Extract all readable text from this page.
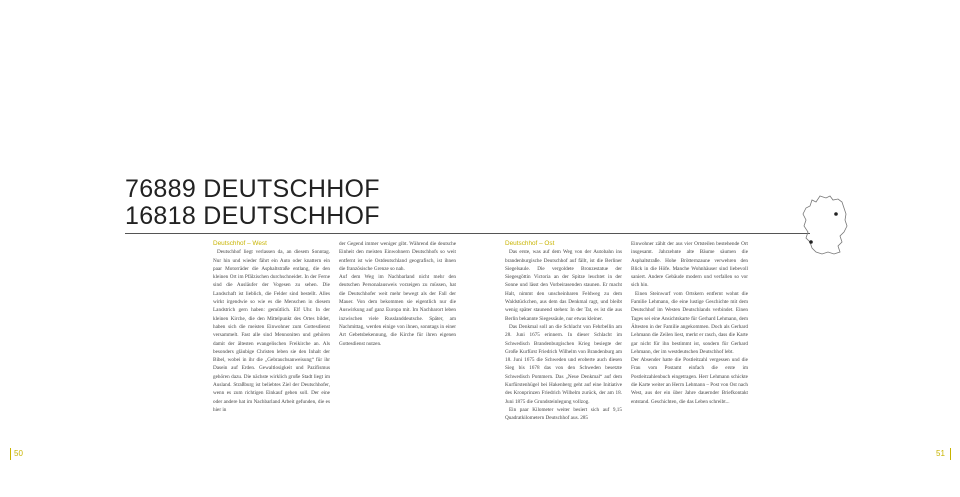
76889 DEUTSCHHOF
16818 DEUTSCHHOF
Deutschhof – West

Deutschhof liegt verlassen da, an diesem Sonntag. Nur hin und wieder fährt ein Auto oder knattern ein paar Motorräder die Asphaltstraße entlang, die den kleinen Ort im Pfälzischen durchschneidet. In der Ferne sind die Ausläufer der Vogesen zu sehen. Die Landschaft ist lieblich, die Felder sind bestellt. Alles wirkt irgendwie so wie es die Menschen in diesem Landstrich gern haben: gemütlich. Elf Uhr. In der kleinen Kirche, die den Mittelpunkt des Ortes bildet, haben sich die meisten Einwohner zum Gottesdienst versammelt. Fast alle sind Mennoniten und gehören damit der ältesten evangelischen Freikirche an. Als besonders gläubige Christen leben sie den Inhalt der Bibel, wobei in ihr die „Gebrauchsanweisung“ für ihr Dasein auf Erden. Gewaltlosigkeit und Pazifismus gehören dazu. Die nächste wirklich große Stadt liegt im Ausland. Straßburg ist beliebtes Ziel der Deutschhofer, wenn es zum richtigen Einkauf gehen soll. Der eine oder andere hat im Nachbarland Arbeit gefunden, die es hier in

der Gegend immer weniger gibt. Während die deutsche Einheit den meisten Einwohnern Deutschhofs so weit entfernt ist wie Ostdeutschland geografisch, ist ihnen die französische Grenze so nah.

Auf dem Weg im Nachbarland nicht mehr den deutschen Personalausweis vorzeigen zu müssen, hat die Deutschhofer weit mehr bewegt als der Fall der Mauer. Von dem bekommen sie eigentlich nur die Auswirkung auf ganz Europa mit. Im Nachbarort leben inzwischen viele Russlanddeutsche. Später, am Nachmittag, werden einige von ihnen, sonntags in einer Art Gebetsbekennung, die Kirche für ihren eigenen Gottesdienst nutzen.

Deutschhof – Ost

Das erste, was auf dem Weg von der Autobahn ins brandenburgische Deutschhof auf fällt, ist die Berliner Siegelsaule. Die vergoldete Bronzestatue der Siegesgöttin Victoria an der Spitze leuchtet in der Sonne und lässt den Vorbeirasenden staunen. Er macht Halt, nimmt den unscheinbaren Feldweg zu dem Waldstückchen, aus dem das Denkmal ragt, und bleibt wenig später staunend stehen: In der Tat, es ist die aus Berlin bekannte Siegessäule, nur etwas kleiner.

Das Denkmal soll an die Schlacht von Fehrbellin am 28. Juni 1675 erinnern. In dieser Schlacht im Schwedisch Brandenburgischen Krieg besiegte der Große Kurfürst Friedrich Wilhelm von Brandenburg am 18. Juni 1675 die Schweden und eroberte auch diesen Sieg bis 1678 das von den Schweden besetzte Schwedisch Pommern. Das „Neue Denkmal“ auf dem Kurfürstenhügel bei Hakenberg geht auf eine Initiative des Kronprinzen Friedrich Wilhelm zurück, der am 18. Juni 1875 die Grundsteinlegung vollzog.

Ein paar Kilometer weiter besiert sich auf 9,15 Quadratkilometern Deutschhof aus. 285

Einwohner zählt der aus vier Ortsteilen bestehende Ort insgesamt. Jahrzehnte alte Bäume säumen die Asphaltstraße. Hohe Brötternzaune verwehren den Blick in die Höfe. Manche Wohnhäuser sind liebevoll saniert. Andere Gebäude modern und verfallen so vor sich hin.

Einen Steinwurf vom Ortskern entfernt wohnt die Familie Lehmann, die eine lustige Geschichte mit dem Deutschhof im Westen Deutschlands verbindet. Einen Tages sei eine Ansichtskarte für Gerhard Lehmann, dem Ältesten in der Familie angekommen. Doch als Gerhard Lehmann die Zeilen liest, merkt er rasch, dass die Karte gar nicht für ihn bestimmt ist, sondern für Gerhard Lehmann, der im westdeutschen Deutschhof lebt.

Der Absender hatte die Postleitzahl vergessen und die Frau vom Postamt einfach die erste im Postleitzahlenbuch eingetragen. Herr Lehmann schickte die Karte weiter an Herrn Lehmann – Post von Ost nach West, aus der ein über Jahre dauernder Briefkontakt entstand. Geschichten, die das Leben schreibt...

50	51
